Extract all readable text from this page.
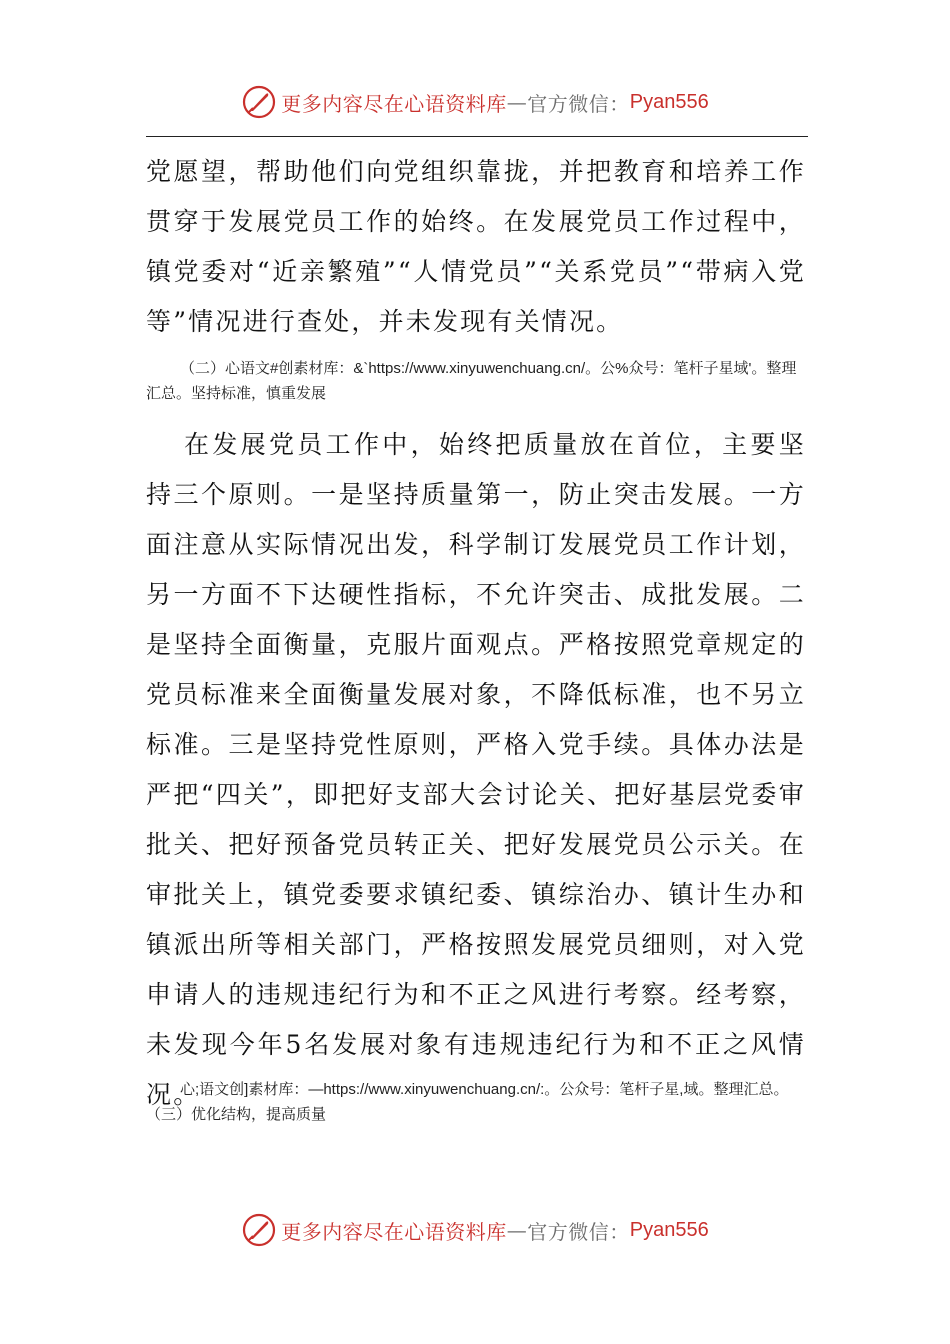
更多内容尽在心语资料库 — 官方微信： Pyan556

党愿望，帮助他们向党组织靠拢，并把教育和培养工作贯穿于发展党员工作的始终。在发展党员工作过程中，镇党委对“近亲繁殖”“人情党员”“关系党员”“带病入党等”情况进行查处，并未发现有关情况。

（二）心语文#创素材库：&`https://www.xinyuwenchuang.cn/。公%众号：笔杆子星域'。整理汇总。坚持标准，慎重发展

在发展党员工作中，始终把质量放在首位，主要坚持三个原则。一是坚持质量第一，防止突击发展。一方面注意从实际情况出发，科学制订发展党员工作计划，另一方面不下达硬性指标，不允许突击、成批发展。二是坚持全面衡量，克服片面观点。严格按照党章规定的党员标准来全面衡量发展对象，不降低标准，也不另立标准。三是坚持党性原则，严格入党手续。具体办法是严把“四关”，即把好支部大会讨论关、把好基层党委审批关、把好预备党员转正关、把好发展党员公示关。在审批关上，镇党委要求镇纪委、镇综治办、镇计生办和镇派出所等相关部门，严格按照发展党员细则，对入党申请人的违规违纪行为和不正之风进行考察。经考察，未发现今年5名发展对象有违规违纪行为和不正之风情况。

心;语文创]素材库：—https://www.xinyuwenchuang.cn/:。公众号：笔杆子星,域。整理汇总。（三）优化结构，提高质量

更多内容尽在心语资料库 — 官方微信： Pyan556
